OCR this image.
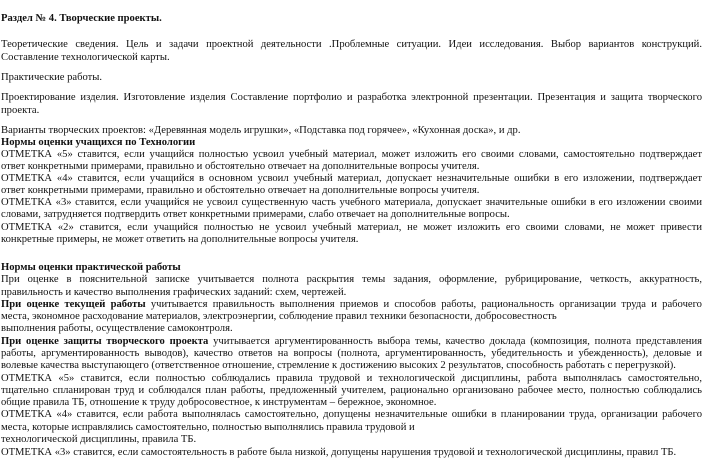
Раздел № 4. Творческие проекты.
Теоретические сведения. Цель и задачи проектной деятельности .Проблемные ситуации. Идеи исследования. Выбор вариантов конструкций.
Составление технологической карты.
Практические работы.
Проектирование изделия. Изготовление изделия Составление портфолио и разработка электронной презентации. Презентация и защита творческого
проекта.
Варианты творческих проектов: «Деревянная модель игрушки», «Подставка под горячее», «Кухонная доска», и др.
Нормы оценки учащихся по Технологии
ОТМЕТКА «5» ставится, если учащийся полностью усвоил учебный материал, может изложить его своими словами, самостоятельно подтверждает
ответ конкретными примерами, правильно и обстоятельно отвечает на дополнительные вопросы учителя.
ОТМЕТКА «4» ставится, если учащийся в основном усвоил учебный материал, допускает незначительные ошибки в его изложении, подтверждает
ответ конкретными примерами, правильно и обстоятельно отвечает на дополнительные вопросы учителя.
ОТМЕТКА «3» ставится, если учащийся не усвоил существенную часть учебного материала, допускает значительные ошибки в его изложении своими
словами, затрудняется подтвердить ответ конкретными примерами, слабо отвечает на дополнительные вопросы.
ОТМЕТКА «2» ставится, если учащийся полностью не усвоил учебный материал, не может изложить его своими словами, не может привести
конкретные примеры, не может ответить на дополнительные вопросы учителя.
Нормы оценки практической работы
При оценке в пояснительной записке учитывается полнота раскрытия темы задания, оформление, рубрицирование, четкость, аккуратность,
правильность и качество выполнения графических заданий: схем, чертежей.
При оценке текущей работы учитывается правильность выполнения приемов и способов работы, рациональность организации труда и рабочего
места, экономное расходование материалов, электроэнергии, соблюдение правил техники безопасности, добросовестность
выполнения работы, осуществление самоконтроля.
При оценке защиты творческого проекта учитывается аргументированность выбора темы, качество доклада (композиция, полнота представления
работы, аргументированность выводов), качество ответов на вопросы (полнота, аргументированность, убедительность и убежденность), деловые и
волевые качества выступающего (ответственное отношение, стремление к достижению высоких 2 результатов, способность работать с перегрузкой).
ОТМЕТКА «5» ставится, если полностью соблюдались правила трудовой и технологической дисциплины, работа выполнялась самостоятельно,
тщательно спланирован труд и соблюдался план работы, предложенный учителем, рационально организовано рабочее место, полностью соблюдались
общие правила ТБ, отношение к труду добросовестное, к инструментам – бережное, экономное.
ОТМЕТКА «4» ставится, если работа выполнялась самостоятельно, допущены незначительные ошибки в планировании труда, организации рабочего
места, которые исправлялись самостоятельно, полностью выполнялись правила трудовой и
технологической дисциплины, правила ТБ.
ОТМЕТКА «3» ставится, если самостоятельность в работе была низкой, допущены нарушения трудовой и технологической дисциплины, правил ТБ.
